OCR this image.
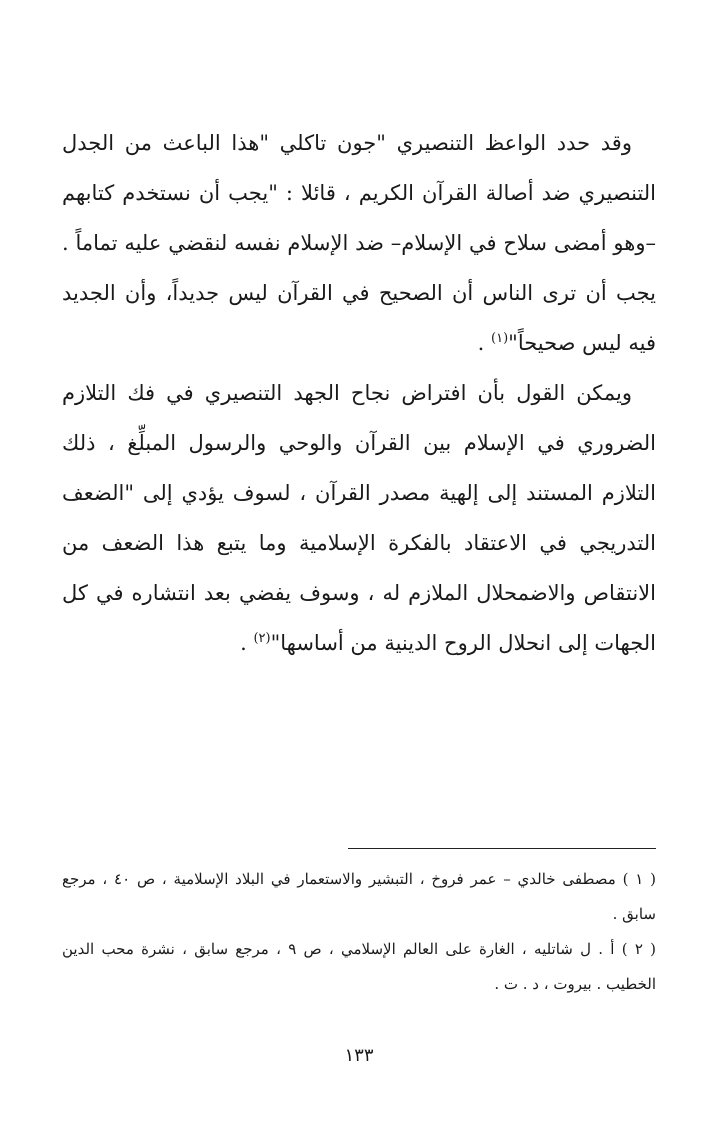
وقد حدد الواعظ التنصيري "جون تاكلي "هذا الباعث من الجدل التنصيري ضد أصالة القرآن الكريم ، قائلا : "يجب أن نستخدم كتابهم –وهو أمضى سلاح في الإسلام– ضد الإسلام نفسه لنقضي عليه تماماً . يجب أن ترى الناس أن الصحيح في القرآن ليس جديداً، وأن الجديد فيه ليس صحيحاً"$^{(١)}$ .

ويمكن القول بأن افتراض نجاح الجهد التنصيري في فك التلازم الضروري في الإسلام بين القرآن والوحي والرسول المبلِّغ ، ذلك التلازم المستند إلى إلهية مصدر القرآن ، لسوف يؤدي إلى "الضعف التدريجي في الاعتقاد بالفكرة الإسلامية وما يتبع هذا الضعف من الانتقاص والاضمحلال الملازم له ، وسوف يفضي بعد انتشاره في كل الجهات إلى انحلال الروح الدينية من أساسها"$^{(٢)}$ .

( ١ ) مصطفى خالدي – عمر فروخ ، التبشير والاستعمار في البلاد الإسلامية ، ص ٤٠ ، مرجع سابق .

( ٢ ) أ . ل شاتليه ، الغارة على العالم الإسلامي ، ص ٩ ، مرجع سابق ، نشرة محب الدين الخطيب . بيروت ، د . ت .

١٣٣
